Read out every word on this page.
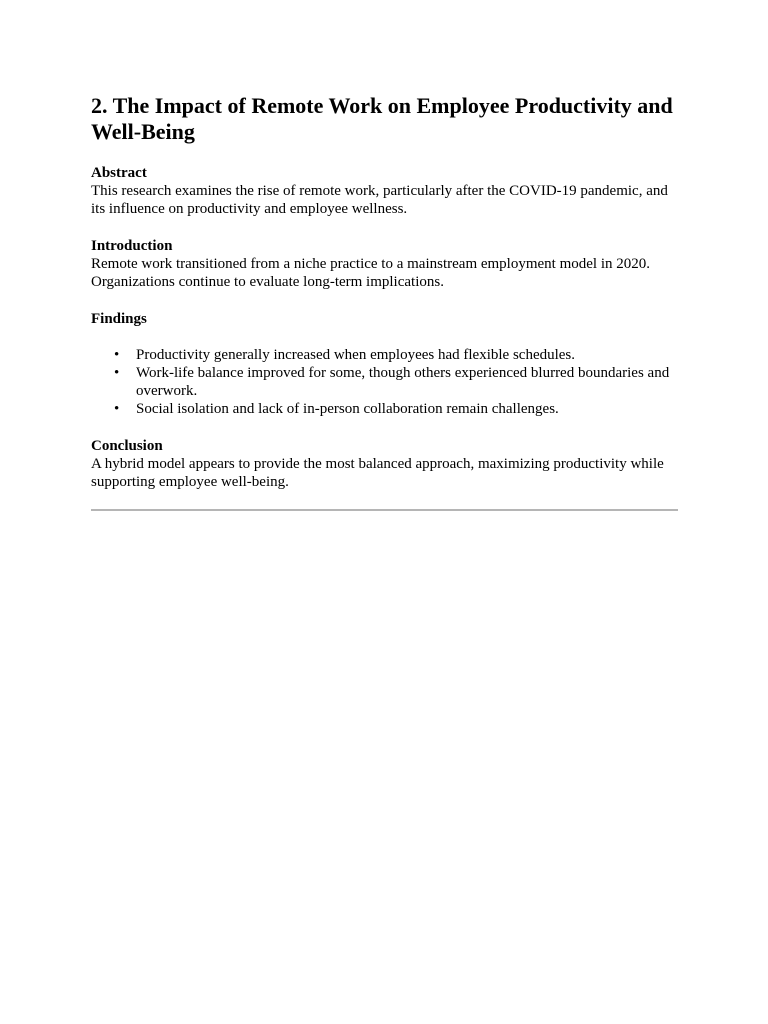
2. The Impact of Remote Work on Employee Productivity and Well-Being

Abstract

This research examines the rise of remote work, particularly after the COVID-19 pandemic, and its influence on productivity and employee wellness.

Introduction

Remote work transitioned from a niche practice to a mainstream employment model in 2020. Organizations continue to evaluate long-term implications.

Findings

• Productivity generally increased when employees had flexible schedules.
• Work-life balance improved for some, though others experienced blurred boundaries and overwork.
• Social isolation and lack of in-person collaboration remain challenges.

Conclusion

A hybrid model appears to provide the most balanced approach, maximizing productivity while supporting employee well-being.
